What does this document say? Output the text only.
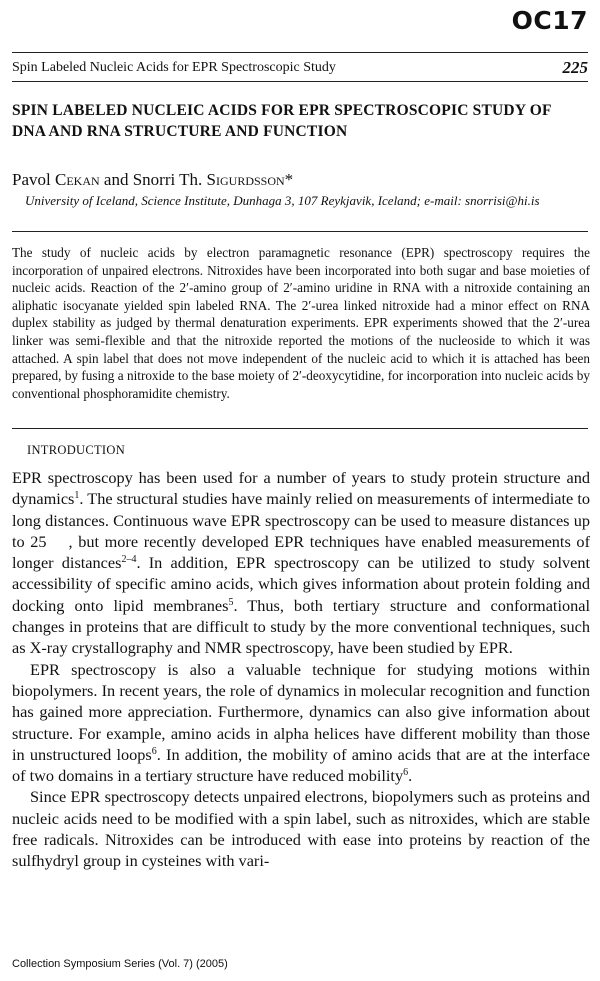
OC17
Spin Labeled Nucleic Acids for EPR Spectroscopic Study	225
SPIN LABELED NUCLEIC ACIDS FOR EPR SPECTROSCOPIC STUDY OF
DNA AND RNA STRUCTURE AND FUNCTION
Pavol Cekan and Snorri Th. Sigurdsson*
University of Iceland, Science Institute, Dunhaga 3, 107 Reykjavik, Iceland; e-mail: snorrisi@hi.is
The study of nucleic acids by electron paramagnetic resonance (EPR) spectroscopy requires the incorporation of unpaired electrons. Nitroxides have been incorporated into both sugar and base moieties of nucleic acids. Reaction of the 2′-amino group of 2′-amino uridine in RNA with a nitroxide containing an aliphatic isocyanate yielded spin labeled RNA. The 2′-urea linked nitroxide had a minor effect on RNA duplex stability as judged by thermal denaturation experiments. EPR experiments showed that the 2′-urea linker was semi-flexible and that the nitroxide reported the motions of the nucleoside to which it was attached. A spin label that does not move independent of the nucleic acid to which it is attached has been prepared, by fusing a nitroxide to the base moiety of 2′-deoxycytidine, for incorporation into nucleic acids by conventional phosphoramidite chemistry.
INTRODUCTION

EPR spectroscopy has been used for a number of years to study protein structure and dynamics$^1$. The structural studies have mainly relied on measurements of intermediate to long distances. Continuous wave EPR spectroscopy can be used to measure distances up to 25  , but more recently developed EPR techniques have enabled measurements of longer distances$^{2-4}$. In addition, EPR spectroscopy can be utilized to study solvent accessibility of specific amino acids, which gives information about protein folding and docking onto lipid membranes$^5$. Thus, both tertiary structure and conformational changes in proteins that are difficult to study by the more conventional techniques, such as X-ray crystallography and NMR spectroscopy, have been studied by EPR.

EPR spectroscopy is also a valuable technique for studying motions within biopolymers. In recent years, the role of dynamics in molecular recognition and function has gained more appreciation. Furthermore, dynamics can also give information about structure. For example, amino acids in alpha helices have different mobility than those in unstructured loops$^6$. In addition, the mobility of amino acids that are at the interface of two domains in a tertiary structure have reduced mobility$^6$.

Since EPR spectroscopy detects unpaired electrons, biopolymers such as proteins and nucleic acids need to be modified with a spin label, such as nitroxides, which are stable free radicals. Nitroxides can be introduced with ease into proteins by reaction of the sulfhydryl group in cysteines with vari-

Collection Symposium Series (Vol. 7) (2005)
